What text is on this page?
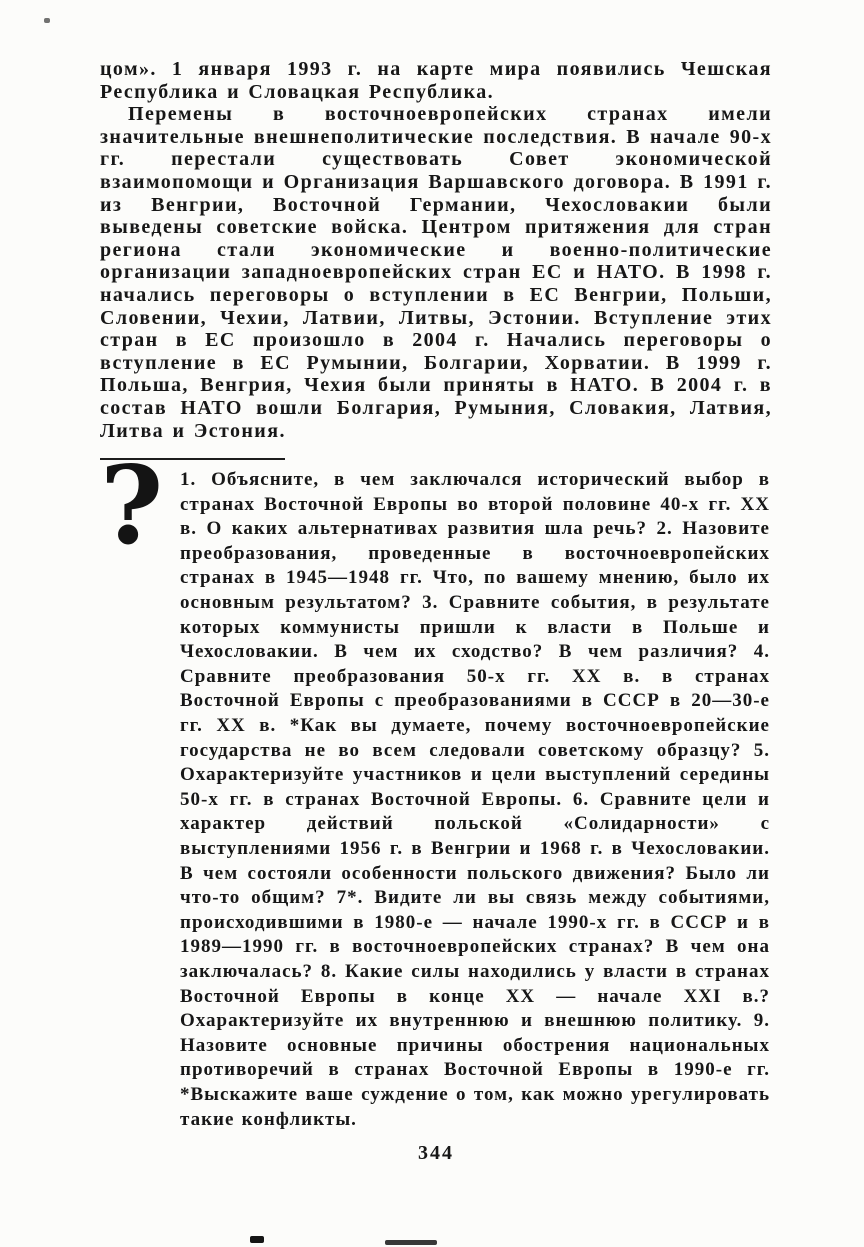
цом». 1 января 1993 г. на карте мира появились Чешская Республика и Словацкая Республика.

Перемены в восточноевропейских странах имели значительные внешнеполитические последствия. В начале 90-х гг. перестали существовать Совет экономической взаимопомощи и Организация Варшавского договора. В 1991 г. из Венгрии, Восточной Германии, Чехословакии были выведены советские войска. Центром притяжения для стран региона стали экономические и военно-политические организации западноевропейских стран ЕС и НАТО. В 1998 г. начались переговоры о вступлении в ЕС Венгрии, Польши, Словении, Чехии, Латвии, Литвы, Эстонии. Вступление этих стран в ЕС произошло в 2004 г. Начались переговоры о вступление в ЕС Румынии, Болгарии, Хорватии. В 1999 г. Польша, Венгрия, Чехия были приняты в НАТО. В 2004 г. в состав НАТО вошли Болгария, Румыния, Словакия, Латвия, Литва и Эстония.

? 1. Объясните, в чем заключался исторический выбор в странах Восточной Европы во второй половине 40-х гг. XX в. О каких альтернативах развития шла речь? 2. Назовите преобразования, проведенные в восточноевропейских странах в 1945—1948 гг. Что, по вашему мнению, было их основным результатом? 3. Сравните события, в результате которых коммунисты пришли к власти в Польше и Чехословакии. В чем их сходство? В чем различия? 4. Сравните преобразования 50-х гг. XX в. в странах Восточной Европы с преобразованиями в СССР в 20—30-е гг. XX в. *Как вы думаете, почему восточноевропейские государства не во всем следовали советскому образцу? 5. Охарактеризуйте участников и цели выступлений середины 50-х гг. в странах Восточной Европы. 6. Сравните цели и характер действий польской «Солидарности» с выступлениями 1956 г. в Венгрии и 1968 г. в Чехословакии. В чем состояли особенности польского движения? Было ли что-то общим? 7*. Видите ли вы связь между событиями, происходившими в 1980-е — начале 1990-х гг. в СССР и в 1989—1990 гг. в восточноевропейских странах? В чем она заключалась? 8. Какие силы находились у власти в странах Восточной Европы в конце XX — начале XXI в.? Охарактеризуйте их внутреннюю и внешнюю политику. 9. Назовите основные причины обострения национальных противоречий в странах Восточной Европы в 1990-е гг. *Выскажите ваше суждение о том, как можно урегулировать такие конфликты.

344
